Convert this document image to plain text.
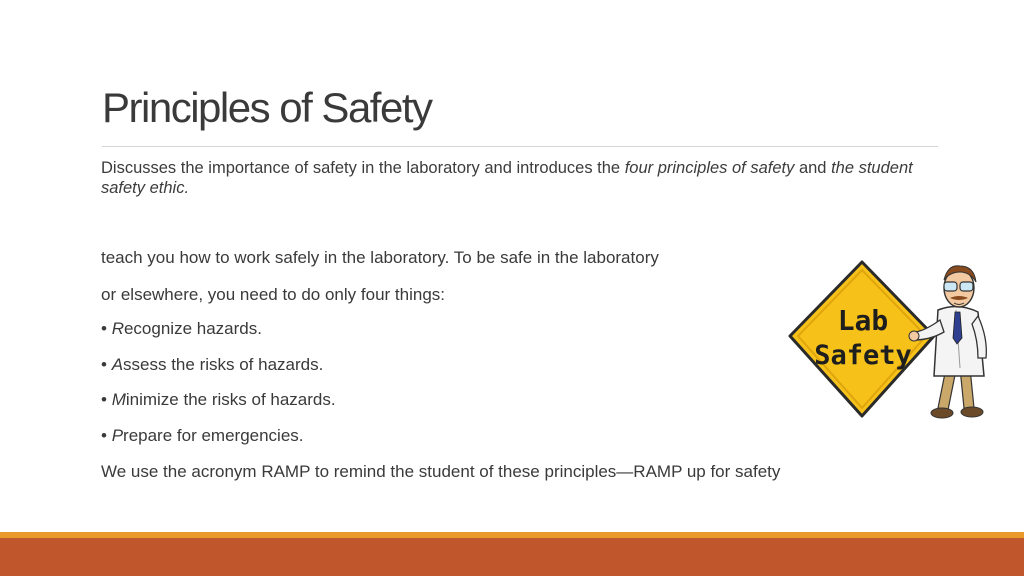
Principles of Safety
Discusses the importance of safety in the laboratory and introduces the four principles of safety and the student safety ethic.
teach you how to work safely in the laboratory. To be safe in the laboratory
or elsewhere, you need to do only four things:
• Recognize hazards.
• Assess the risks of hazards.
• Minimize the risks of hazards.
• Prepare for emergencies.
We use the acronym RAMP to remind the student of these principles—RAMP up for safety
Lab
Safety
